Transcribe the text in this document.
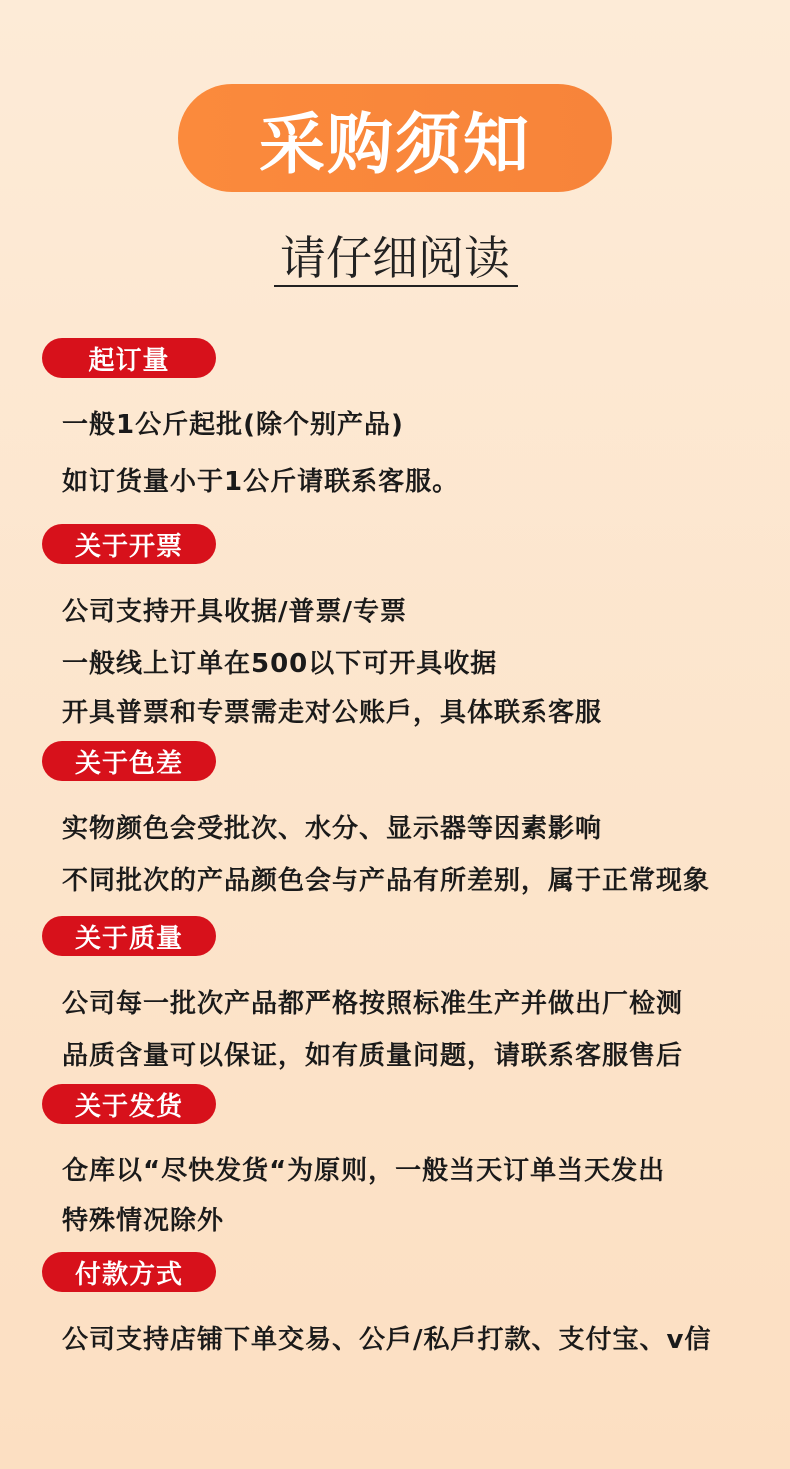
采购须知
请仔细阅读
起订量
一般1公斤起批(除个别产品)
如订货量小于1公斤请联系客服。
关于开票
公司支持开具收据/普票/专票
一般线上订单在500以下可开具收据
开具普票和专票需走对公账戶，具体联系客服
关于色差
实物颜色会受批次、水分、显示器等因素影响
不同批次的产品颜色会与产品有所差别，属于正常现象
关于质量
公司每一批次产品都严格按照标准生产并做出厂检测
品质含量可以保证，如有质量问题，请联系客服售后
关于发货
仓库以“尽快发货“为原则，一般当天订单当天发出
特殊情况除外
付款方式
公司支持店铺下单交易、公戶/私戶打款、支付宝、v信
